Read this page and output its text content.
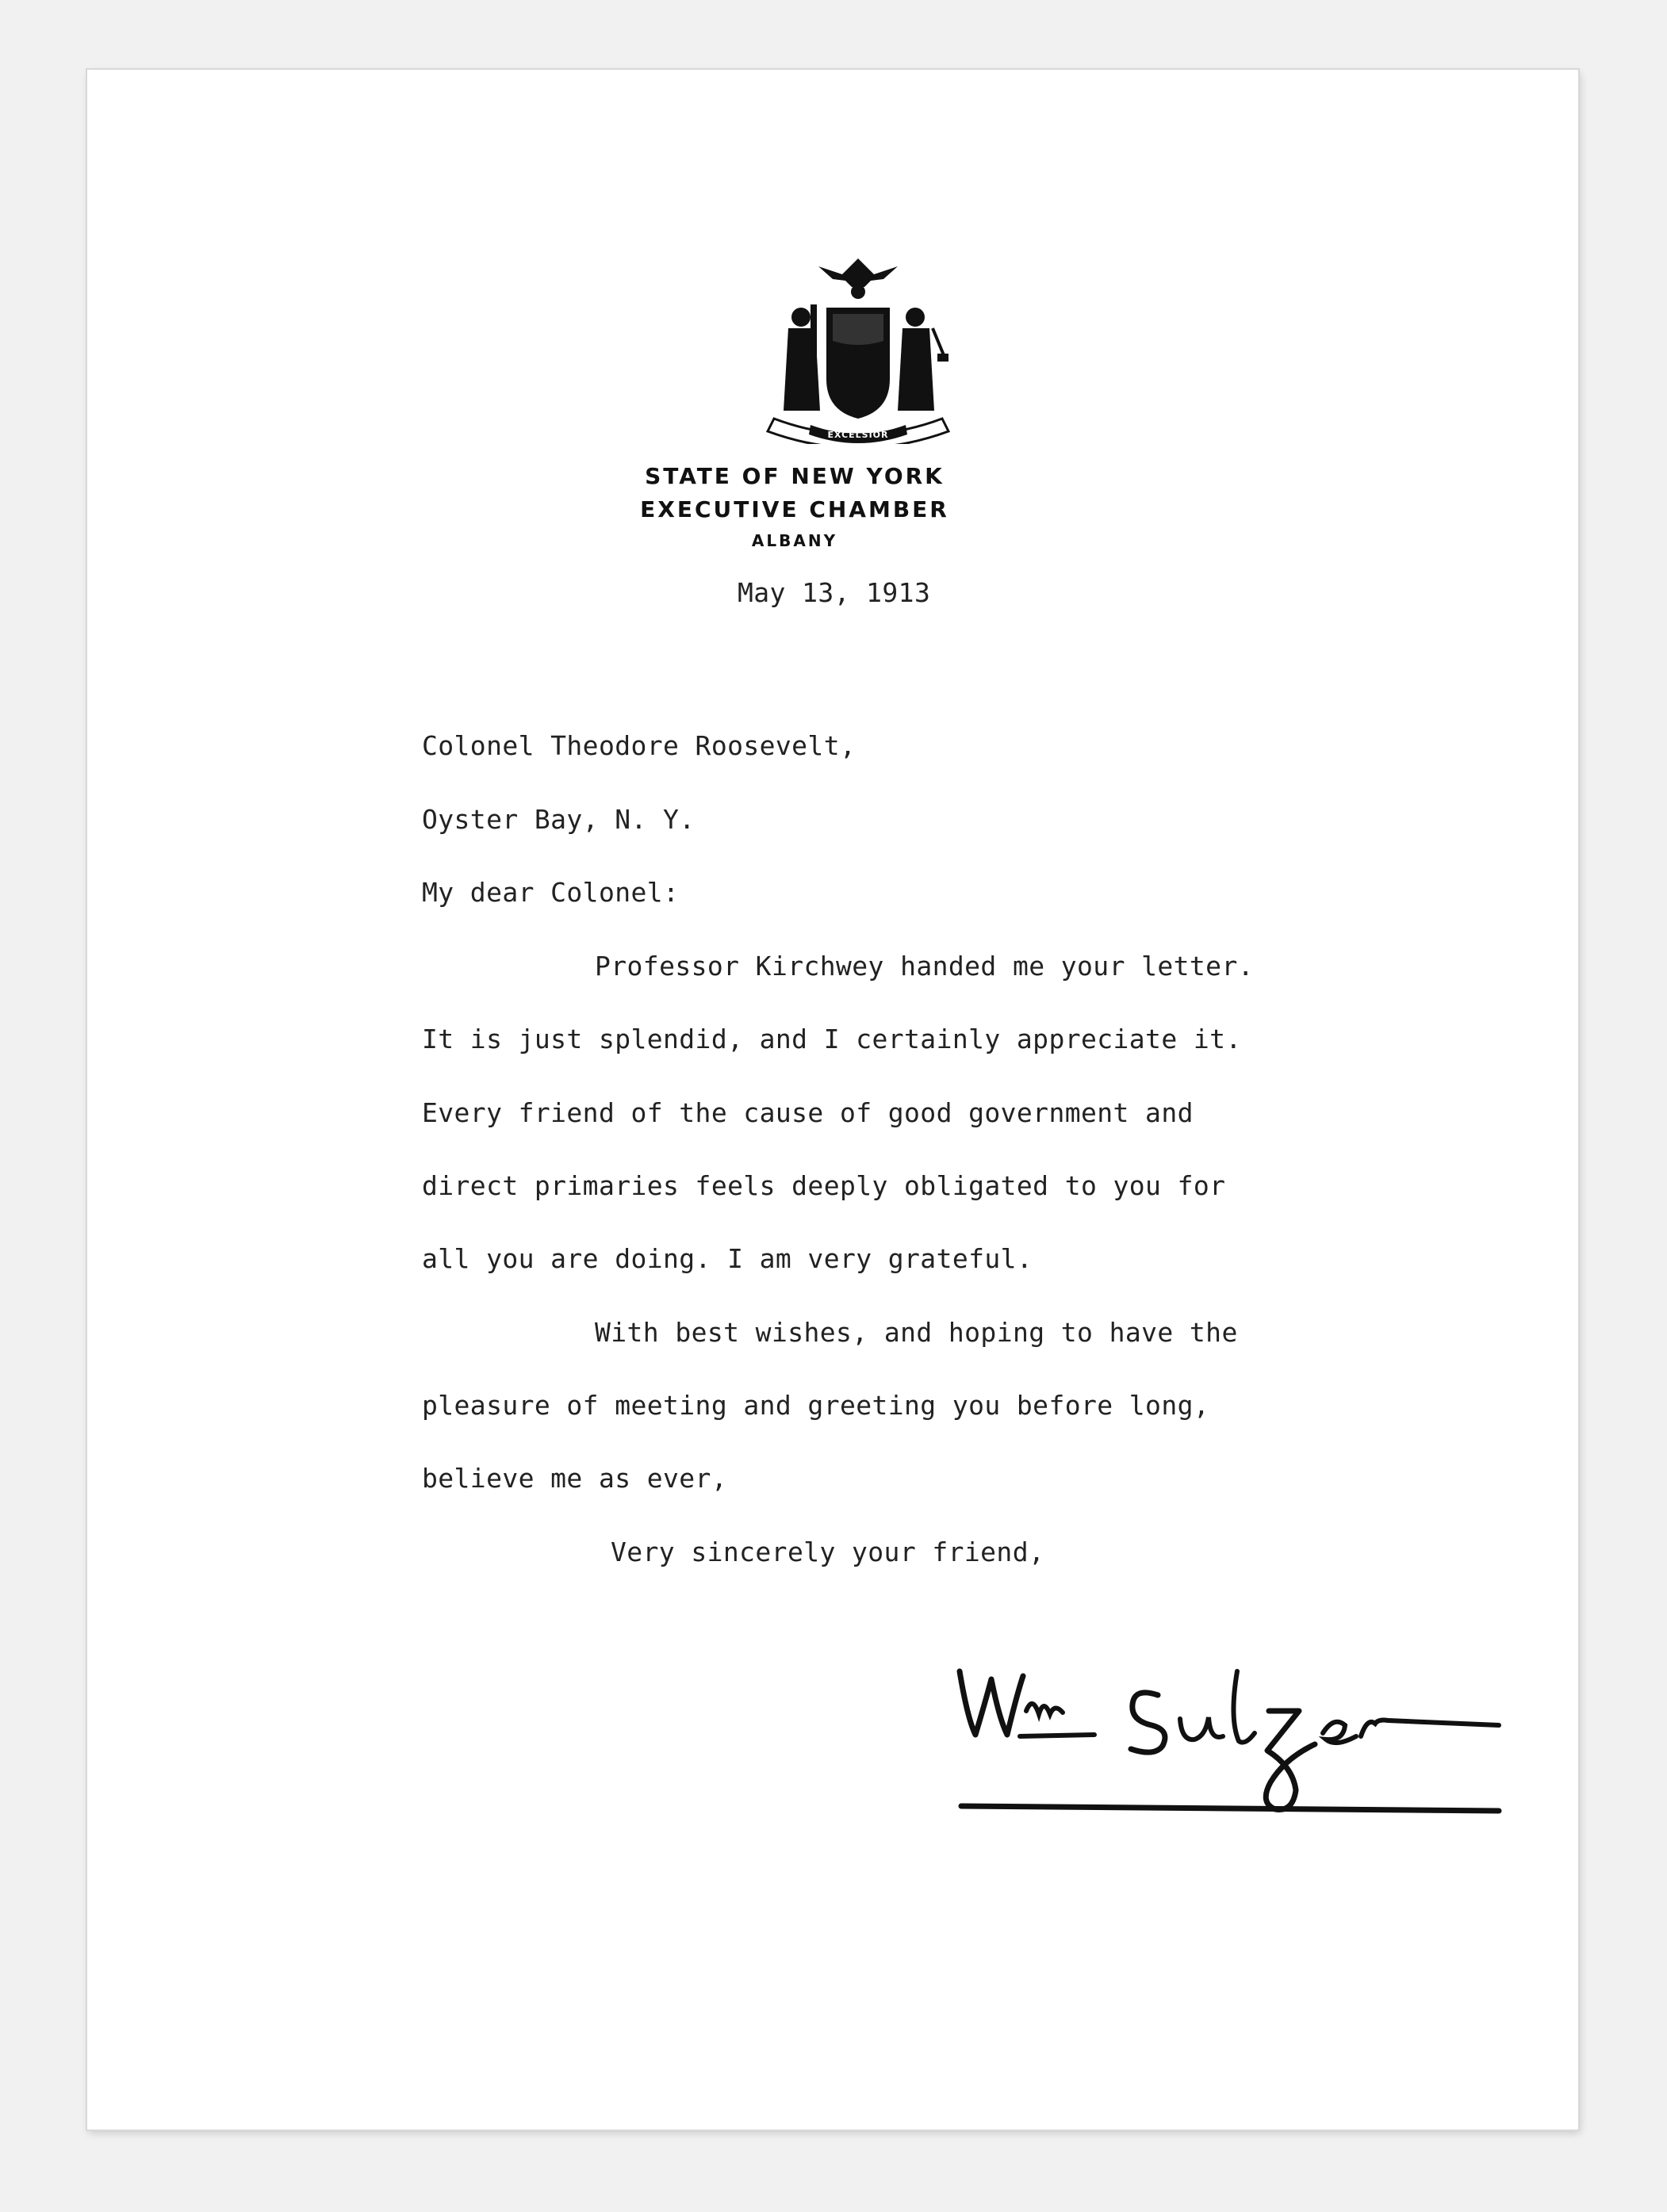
EXCELSIOR
STATE OF NEW YORK
EXECUTIVE CHAMBER
ALBANY
May 13, 1913
Colonel Theodore Roosevelt,
Oyster Bay, N. Y.
My dear Colonel:
Professor Kirchwey handed me your letter.
It is just splendid, and I certainly appreciate it.
Every friend of the cause of good government and
direct primaries feels deeply obligated to you for
all you are doing. I am very grateful.
With best wishes, and hoping to have the
pleasure of meeting and greeting you before long,
believe me as ever,
Very sincerely your friend,
